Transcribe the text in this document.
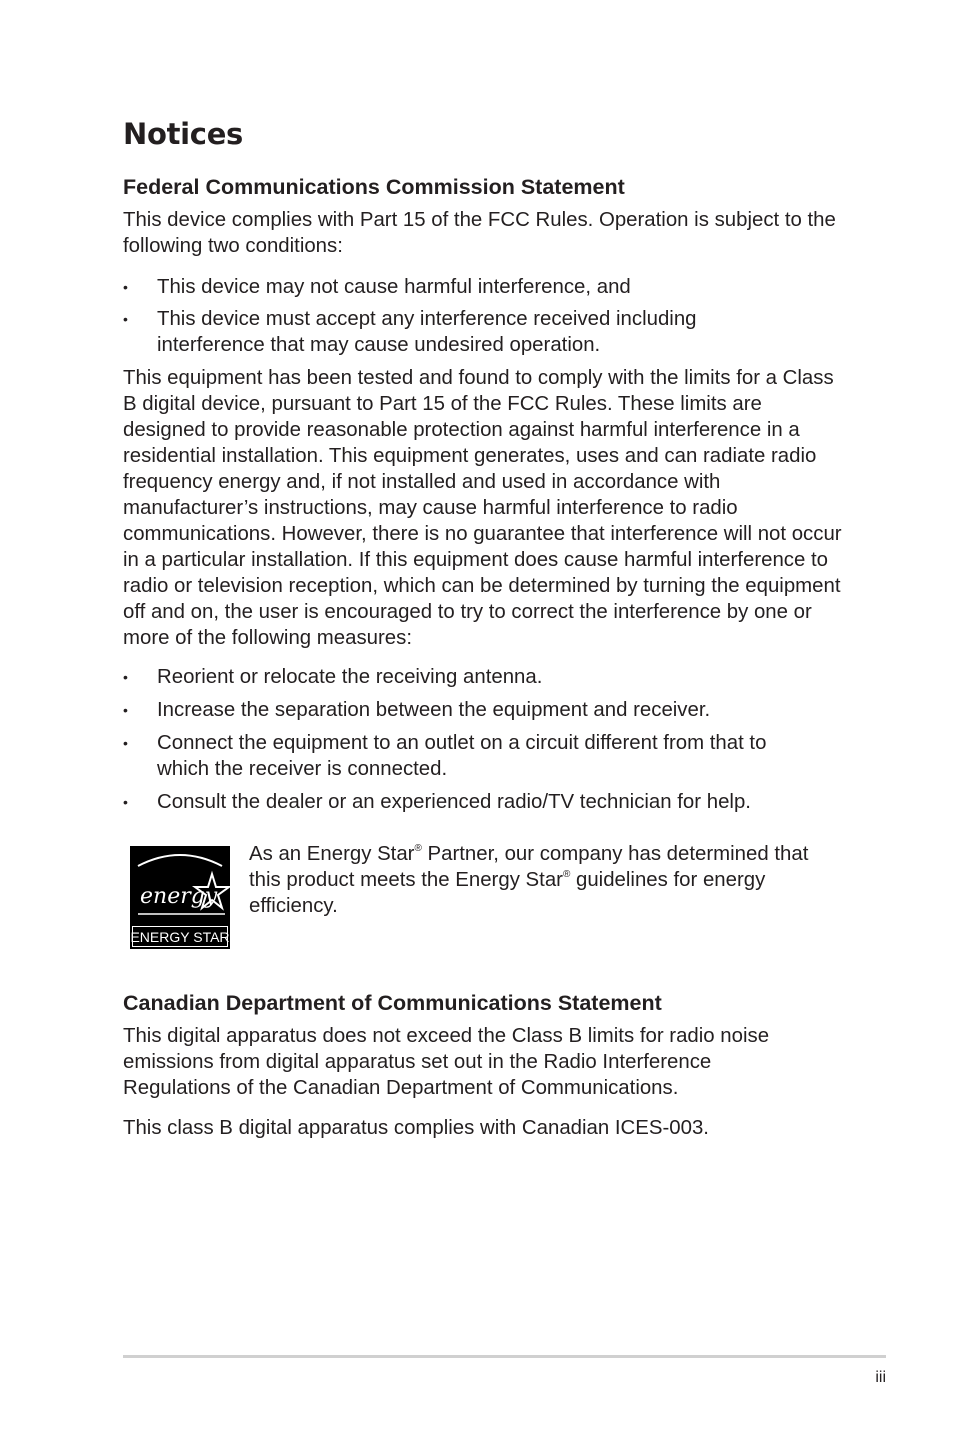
Notices
Federal Communications Commission Statement

This device complies with Part 15 of the FCC Rules. Operation is subject to the following two conditions:

•	This device may not cause harmful interference, and
•	This device must accept any interference received including interference that may cause undesired operation.

This equipment has been tested and found to comply with the limits for a Class B digital device, pursuant to Part 15 of the FCC Rules. These limits are designed to provide reasonable protection against harmful interference in a residential installation. This equipment generates, uses and can radiate radio frequency energy and, if not installed and used in accordance with manufacturer’s instructions, may cause harmful interference to radio communications. However, there is no guarantee that interference will not occur in a particular installation. If this equipment does cause harmful interference to radio or television reception, which can be determined by turning the equipment off and on, the user is encouraged to try to correct the interference by one or more of the following measures:

•	Reorient or relocate the receiving antenna.
•	Increase the separation between the equipment and receiver.
•	Connect the equipment to an outlet on a circuit different from that to which the receiver is connected.
•	Consult the dealer or an experienced radio/TV technician for help.
energy
ENERGY STAR

As an Energy Star® Partner, our company has determined that this product meets the Energy Star® guidelines for energy efficiency.

Canadian Department of Communications Statement

This digital apparatus does not exceed the Class B limits for radio noise emissions from digital apparatus set out in the Radio Interference Regulations of the Canadian Department of Communications.

This class B digital apparatus complies with Canadian ICES-003.

iii
